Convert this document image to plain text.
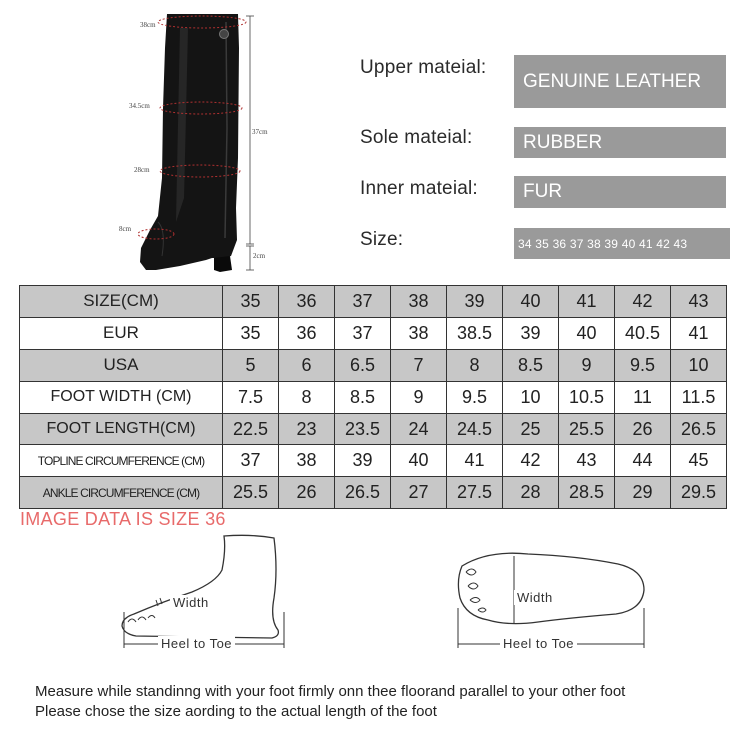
38cm
34.5cm
28cm
8cm
37cm
2cm
Upper mateial:
GENUINE LEATHER
Sole mateial:	RUBBER
Inner mateial:	FUR
Size:	34 35 36 37 38 39 40 41 42 43
SIZE(CM)	35	36	37	38	39	40	41	42	43
EUR	35	36	37	38	38.5	39	40	40.5	41
USA	5	6	6.5	7	8	8.5	9	9.5	10
FOOT WIDTH (CM)	7.5	8	8.5	9	9.5	10	10.5	11	11.5
FOOT LENGTH(CM)	22.5	23	23.5	24	24.5	25	25.5	26	26.5
TOPLINE CIRCUMFERENCE (CM)	37	38	39	40	41	42	43	44	45
ANKLE CIRCUMFERENCE (CM)	25.5	26	26.5	27	27.5	28	28.5	29	29.5
IMAGE DATA IS SIZE 36
Width
Heel to Toe
Width
Heel to Toe
Measure while standinng with your foot firmly onn thee floorand parallel to your other foot
Please chose the size aording to the actual length of the foot
